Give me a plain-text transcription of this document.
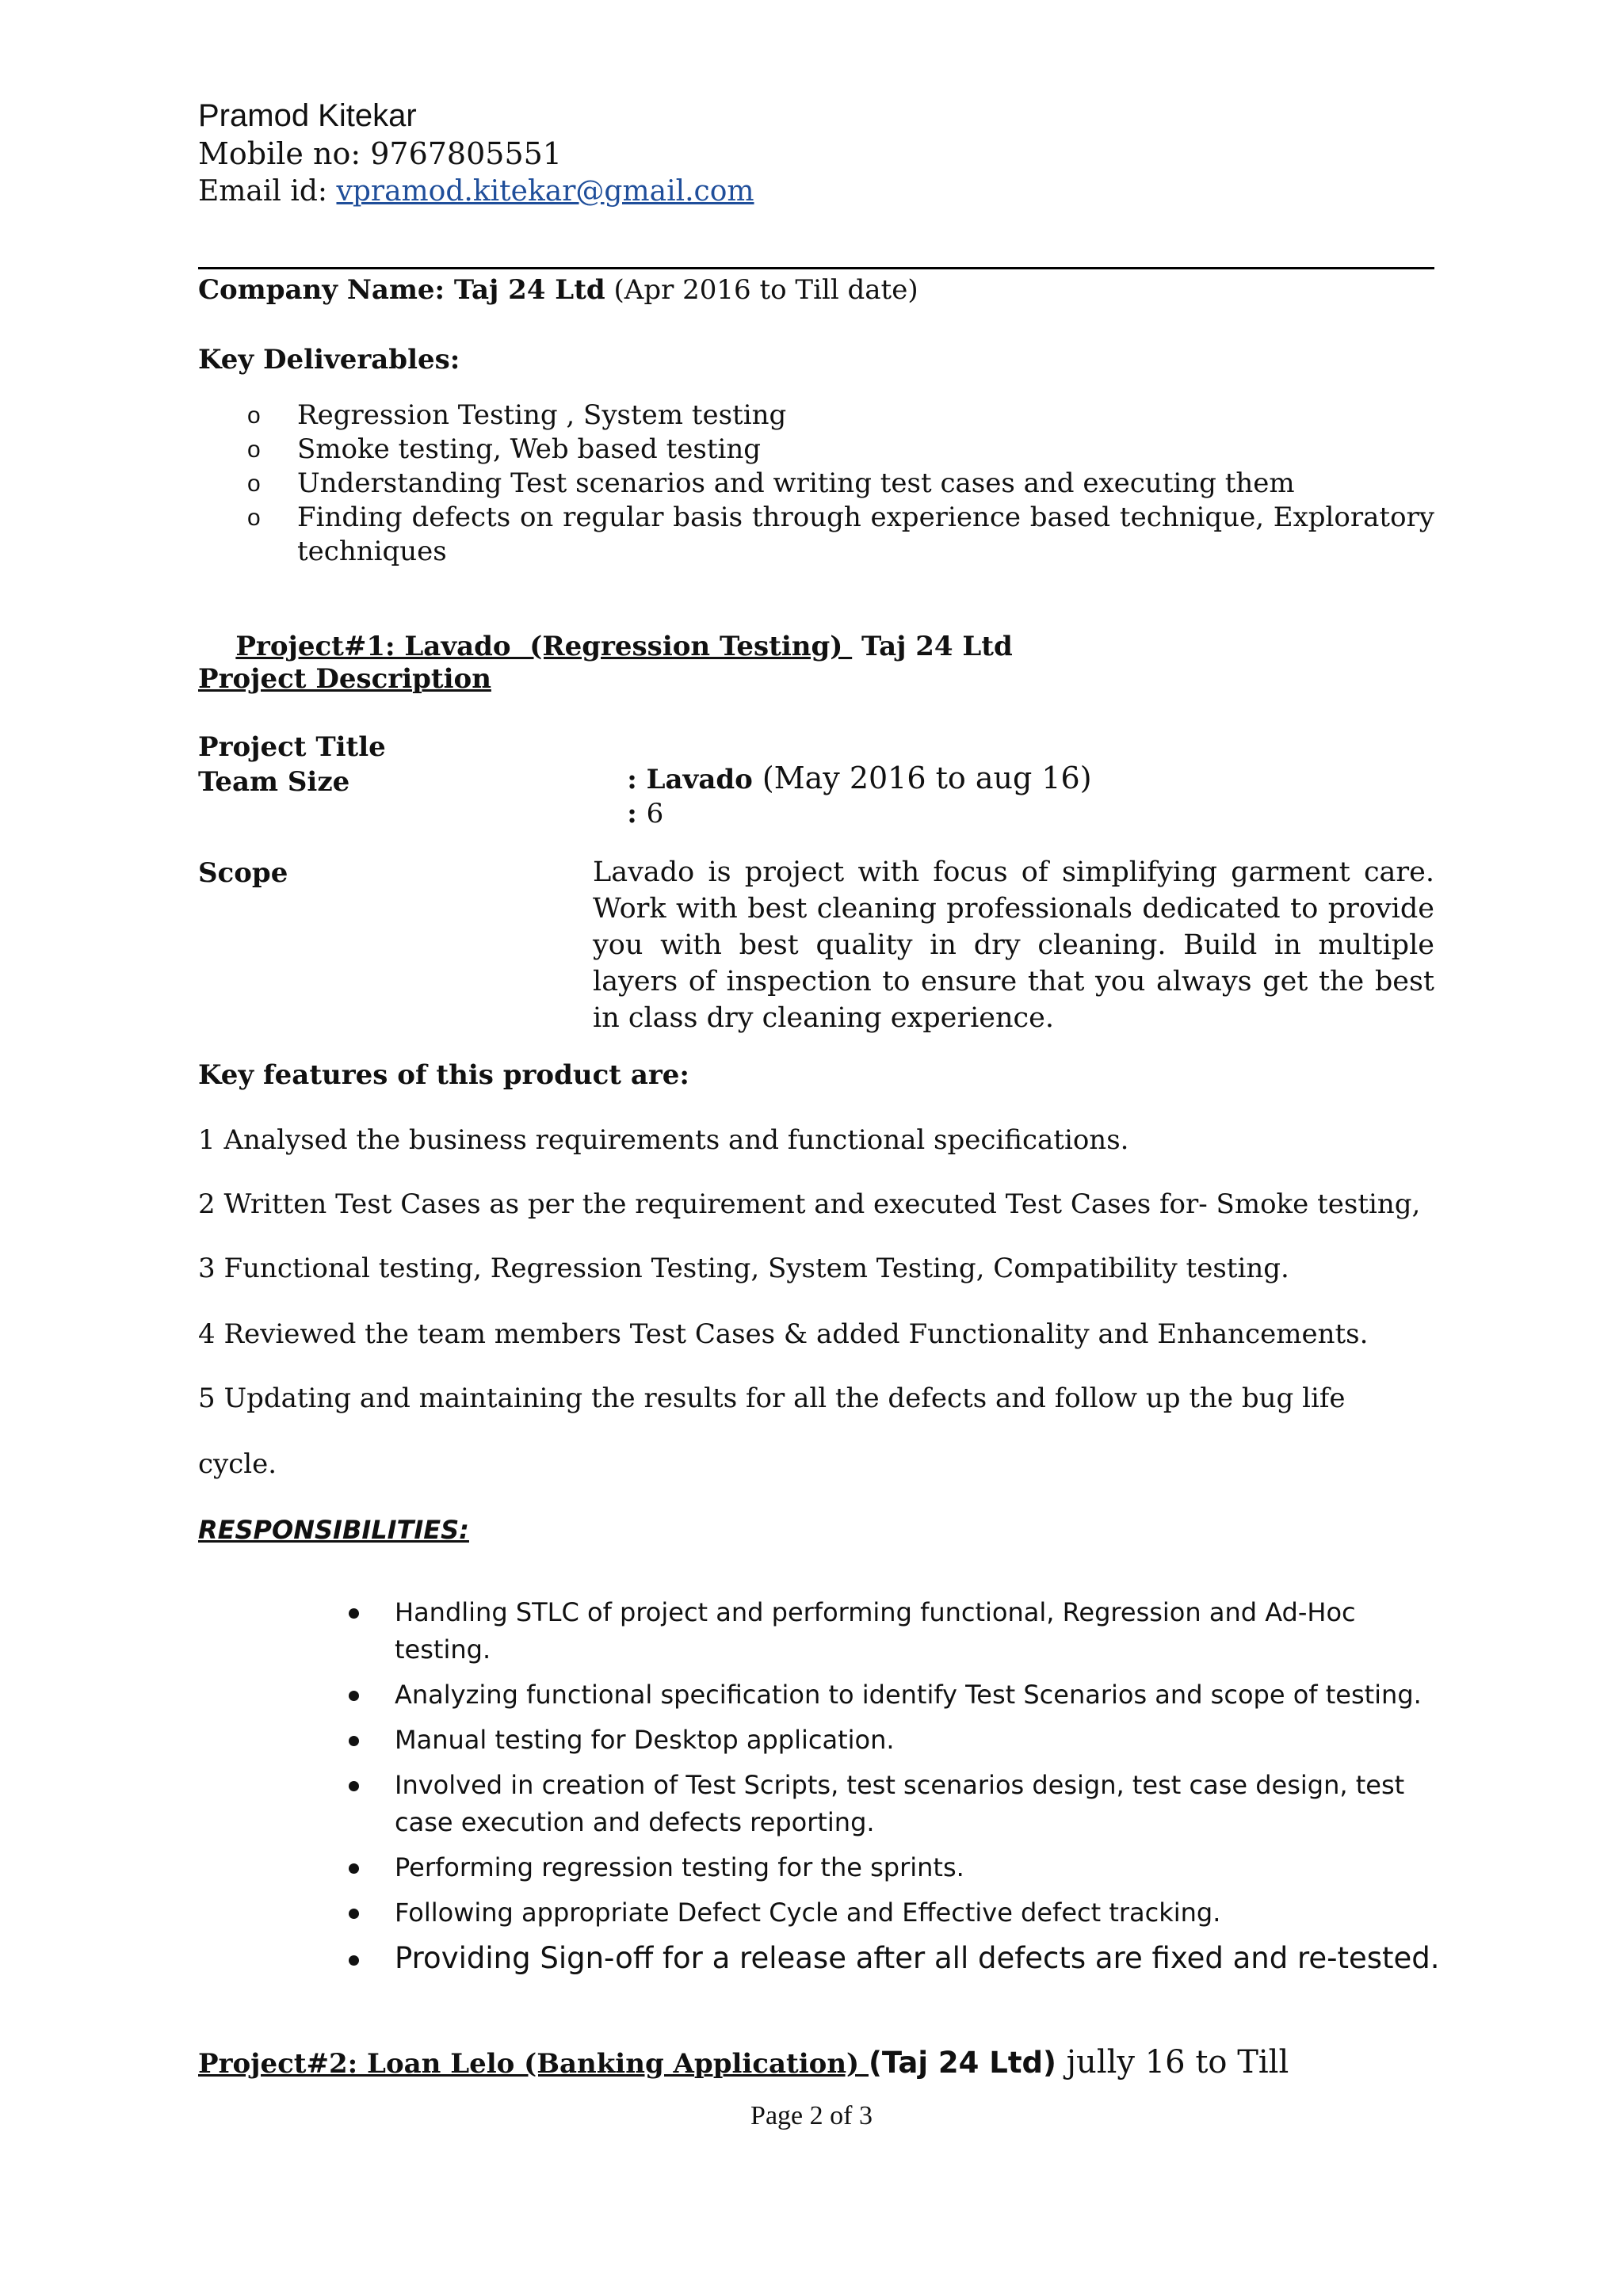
Pramod Kitekar
Mobile no: 9767805551
Email id: vpramod.kitekar@gmail.com
Company Name: Taj 24 Ltd (Apr 2016 to Till date)
Key Deliverables:
o Regression Testing , System testing
o Smoke testing, Web based testing
o Understanding Test scenarios and writing test cases and executing them
o Finding defects on regular basis through experience based technique, Exploratory techniques

Project#1: Lavado  (Regression Testing)  Taj 24 Ltd

Project Description
Project Title

: Lavado (May 2016 to aug 16)

Team Size

: 6

Scope	Lavado is project with focus of simplifying garment care. Work with best cleaning professionals dedicated to provide you with best quality in dry cleaning. Build in multiple layers of inspection to ensure that you always get the best in class dry cleaning experience.
Key features of this product are:
1 Analysed the business requirements and functional specifications.
2 Written Test Cases as per the requirement and executed Test Cases for- Smoke testing,
3 Functional testing, Regression Testing, System Testing, Compatibility testing.
4 Reviewed the team members Test Cases & added Functionality and Enhancements.
5 Updating and maintaining the results for all the defects and follow up the bug life
cycle.
RESPONSIBILITIES:
Handling STLC of project and performing functional, Regression and Ad-Hoc testing.
Analyzing functional specification to identify Test Scenarios and scope of testing.
Manual testing for Desktop application.
Involved in creation of Test Scripts, test scenarios design, test case design, test case execution and defects reporting.
Performing regression testing for the sprints.
Following appropriate Defect Cycle and Effective defect tracking.
Providing Sign-off for a release after all defects are fixed and re-tested.
Project#2: Loan Lelo (Banking Application) (Taj 24 Ltd) jully 16 to Till
Page 2 of 3
